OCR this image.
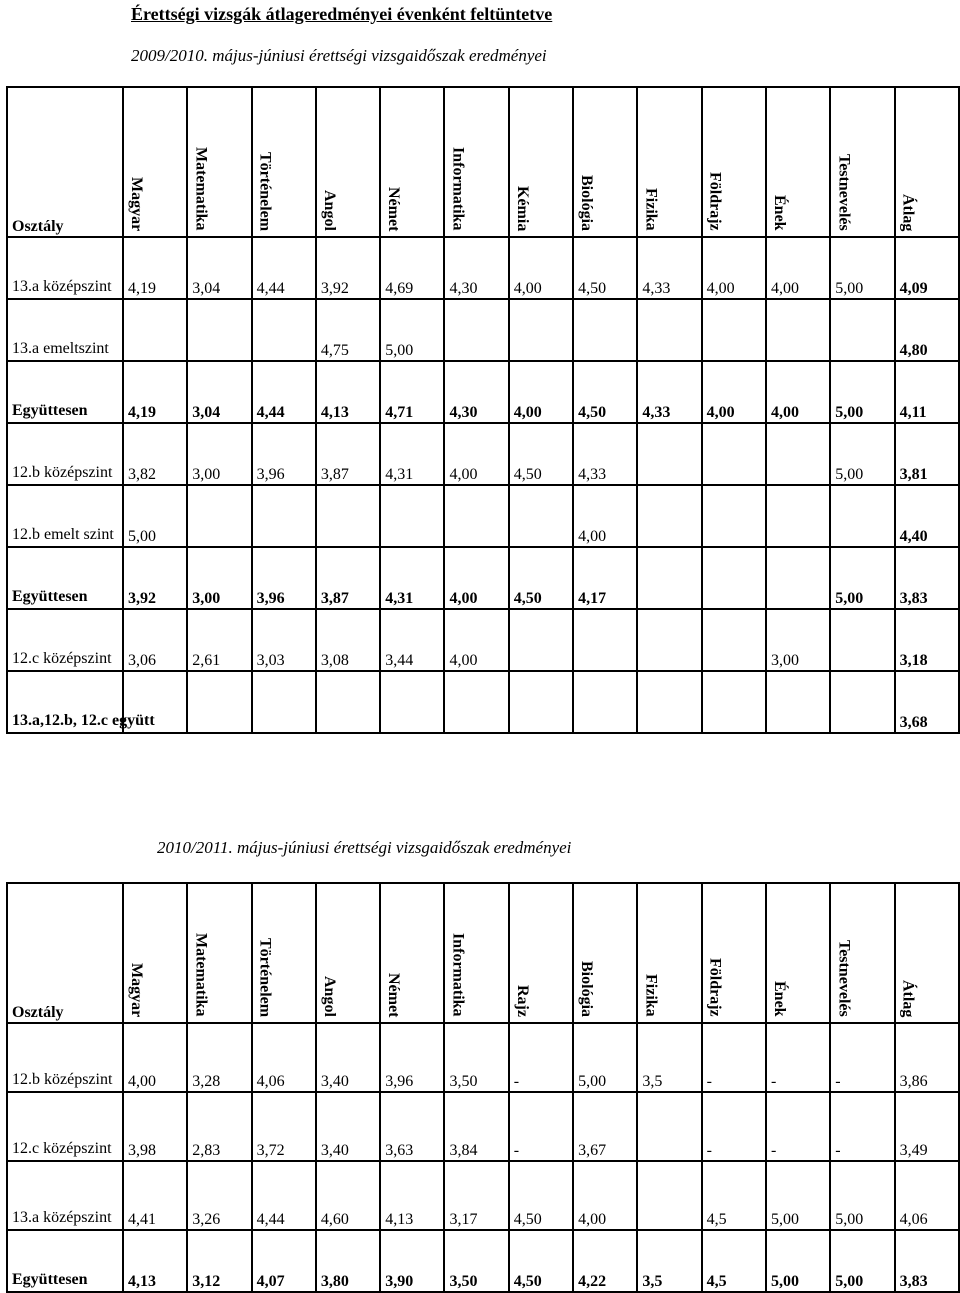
Érettségi vizsgák átlageredményei évenként feltüntetve

2009/2010. május-júniusi érettségi vizsgaidőszak eredményei

Osztály	Magyar	Matematika	Történelem	Angol	Német	Informatika	Kémia	Biológia	Fizika	Földrajz	Ének	Testnevelés	Átlag
13.a középszint	4,19	3,04	4,44	3,92	4,69	4,30	4,00	4,50	4,33	4,00	4,00	5,00	4,09
13.a emeltszint				4,75	5,00								4,80
Együttesen	4,19	3,04	4,44	4,13	4,71	4,30	4,00	4,50	4,33	4,00	4,00	5,00	4,11
12.b középszint	3,82	3,00	3,96	3,87	4,31	4,00	4,50	4,33				5,00	3,81
12.b emelt szint	5,00							4,00					4,40
Együttesen	3,92	3,00	3,96	3,87	4,31	4,00	4,50	4,17				5,00	3,83
12.c középszint	3,06	2,61	3,03	3,08	3,44	4,00					3,00		3,18
13.a,12.b, 12.c együtt													3,68

2010/2011. május-júniusi érettségi vizsgaidőszak eredményei

Osztály	Magyar	Matematika	Történelem	Angol	Német	Informatika	Rajz	Biológia	Fizika	Földrajz	Ének	Testnevelés	Átlag
12.b középszint	4,00	3,28	4,06	3,40	3,96	3,50	-	5,00	3,5	-	-	-	3,86
12.c középszint	3,98	2,83	3,72	3,40	3,63	3,84	-	3,67		-	-	-	3,49
13.a középszint	4,41	3,26	4,44	4,60	4,13	3,17	4,50	4,00		4,5	5,00	5,00	4,06
Együttesen	4,13	3,12	4,07	3,80	3,90	3,50	4,50	4,22	3,5	4,5	5,00	5,00	3,83
